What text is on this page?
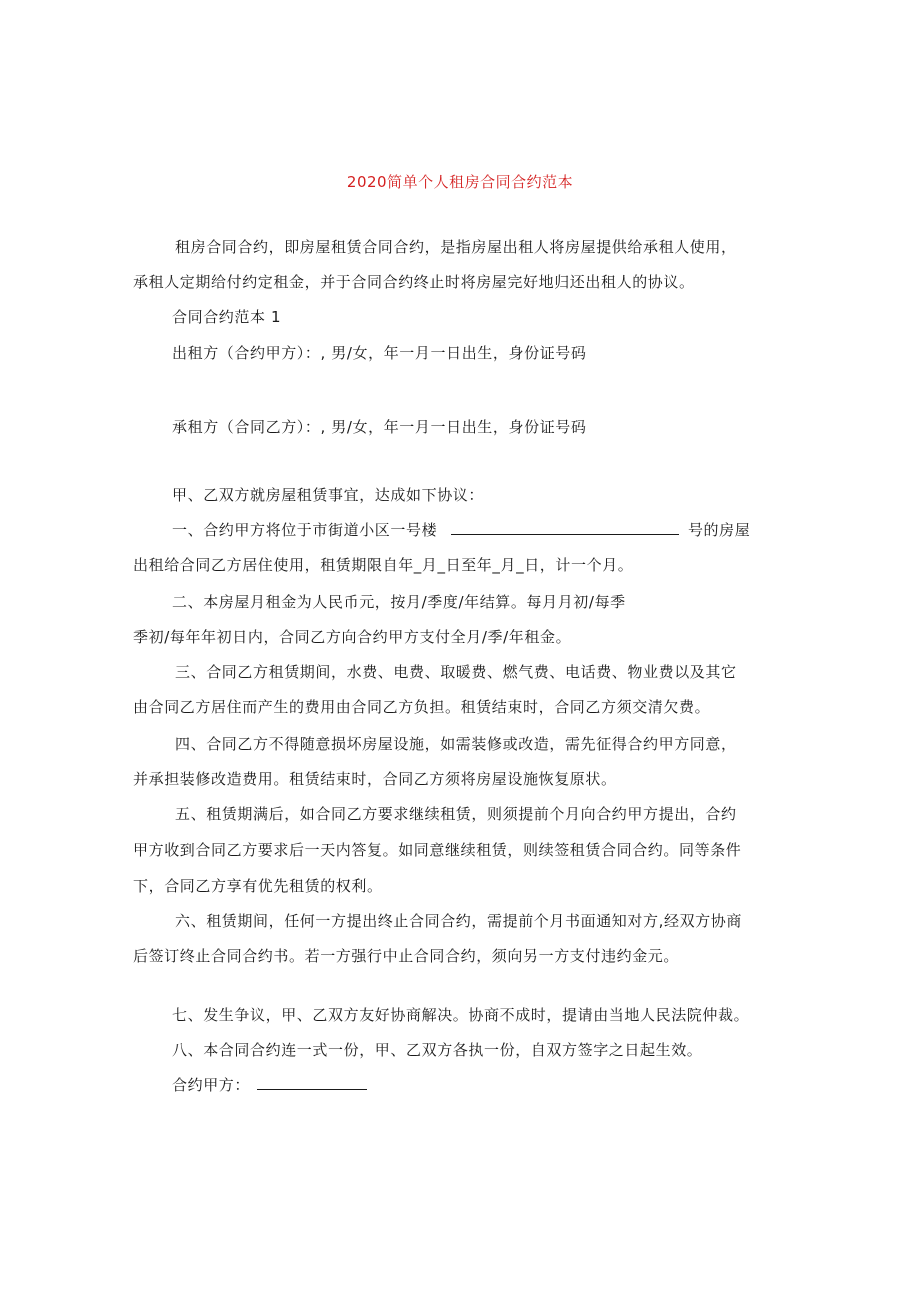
2020简单个人租房合同合约范本
租房合同合约，即房屋租赁合同合约，是指房屋出租人将房屋提供给承租人使用，
承租人定期给付约定租金，并于合同合约终止时将房屋完好地归还出租人的协议。
合同合约范本 1
出租方（合约甲方）：, 男/女，年一月一日出生，身份证号码
承租方（合同乙方）：, 男/女，年一月一日出生，身份证号码
甲、乙双方就房屋租赁事宜，达成如下协议：
一、合约甲方将位于市街道小区一号楼	号的房屋
出租给合同乙方居住使用，租赁期限自年_月_日至年_月_日，计一个月。
二、本房屋月租金为人民币元，按月/季度/年结算。每月月初/每季
季初/每年年初日内，合同乙方向合约甲方支付全月/季/年租金。
三、合同乙方租赁期间，水费、电费、取暖费、燃气费、电话费、物业费以及其它
由合同乙方居住而产生的费用由合同乙方负担。租赁结束时，合同乙方须交清欠费。
四、合同乙方不得随意损坏房屋设施，如需装修或改造，需先征得合约甲方同意，
并承担装修改造费用。租赁结束时，合同乙方须将房屋设施恢复原状。
五、租赁期满后，如合同乙方要求继续租赁，则须提前个月向合约甲方提出，合约
甲方收到合同乙方要求后一天内答复。如同意继续租赁，则续签租赁合同合约。同等条件
下，合同乙方享有优先租赁的权利。
六、租赁期间，任何一方提出终止合同合约，需提前个月书面通知对方,经双方协商
后签订终止合同合约书。若一方强行中止合同合约，须向另一方支付违约金元。
七、发生争议，甲、乙双方友好协商解决。协商不成时，提请由当地人民法院仲裁。
八、本合同合约连一式一份，甲、乙双方各执一份，自双方签字之日起生效。
合约甲方：
